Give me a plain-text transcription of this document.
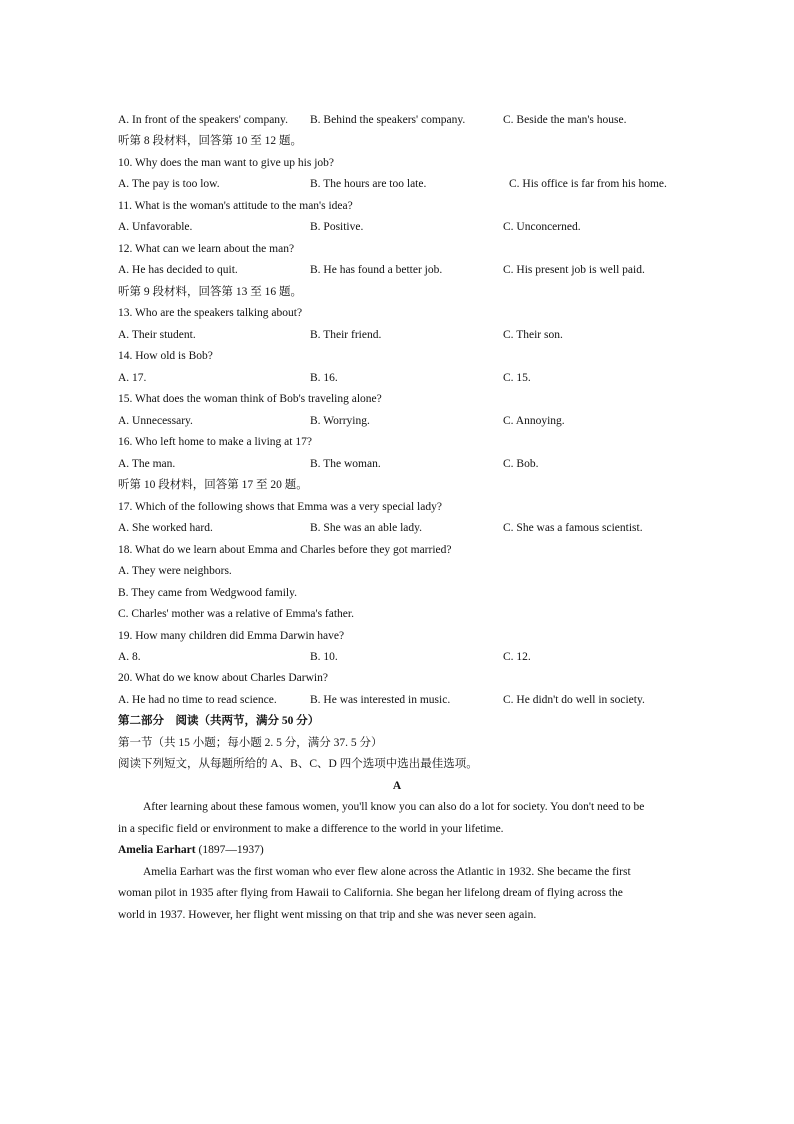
A. In front of the speakers' company. B. Behind the speakers' company.	C. Beside the man's house.
听第 8 段材料，回答第 10 至 12 题。
10. Why does the man want to give up his job?
A. The pay is too low.	B. The hours are too late.	C. His office is far from his home.
11. What is the woman's attitude to the man's idea?
A. Unfavorable.	B. Positive.	C. Unconcerned.
12. What can we learn about the man?
A. He has decided to quit.	B. He has found a better job.	C. His present job is well paid.
听第 9 段材料，回答第 13 至 16 题。
13. Who are the speakers talking about?
A. Their student.	B. Their friend.	C. Their son.
14. How old is Bob?
A. 17.	B. 16.	C. 15.
15. What does the woman think of Bob's traveling alone?
A. Unnecessary.	B. Worrying.	C. Annoying.
16. Who left home to make a living at 17?
A. The man.	B. The woman.	C. Bob.
听第 10 段材料，回答第 17 至 20 题。
17. Which of the following shows that Emma was a very special lady?
A. She worked hard.	B. She was an able lady.	C. She was a famous scientist.
18. What do we learn about Emma and Charles before they got married?
A. They were neighbors.
B. They came from Wedgwood family.
C. Charles' mother was a relative of Emma's father.
19. How many children did Emma Darwin have?
A. 8.	B. 10.	C. 12.
20. What do we know about Charles Darwin?
A. He had no time to read science.	B. He was interested in music.	C. He didn't do well in society.
第二部分　阅读（共两节，满分 50 分）
第一节（共 15 小题；每小题 2. 5 分，满分 37. 5 分）
阅读下列短文，从每题所给的 A、B、C、D 四个选项中选出最佳选项。
A
After learning about these famous women, you'll know you can also do a lot for society. You don't need to be
in a specific field or environment to make a difference to the world in your lifetime.
Amelia Earhart (1897—1937)
Amelia Earhart was the first woman who ever flew alone across the Atlantic in 1932. She became the first
woman pilot in 1935 after flying from Hawaii to California. She began her lifelong dream of flying across the
world in 1937. However, her flight went missing on that trip and she was never seen again.
